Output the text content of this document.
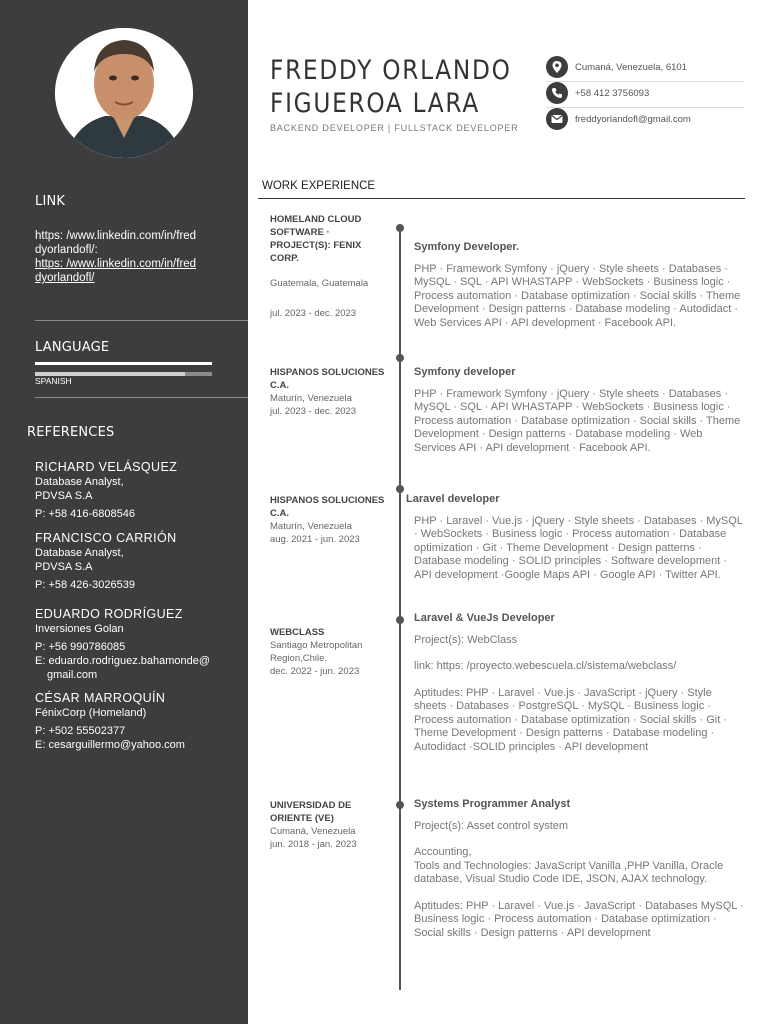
LINK
https: /www.linkedin.com/in/fred
dyorlandofl/:
https: /www.linkedin.com/in/fred
dyorlandofl/
LANGUAGE
SPANISH
REFERENCES
RICHARD VELÁSQUEZ
Database Analyst,
PDVSA S.A
P: +58 416-6808546
FRANCISCO CARRIÓN
Database Analyst,
PDVSA S.A
P: +58 426-3026539
EDUARDO RODRÍGUEZ
Inversiones Golan
P: +56 990786085
E: eduardo.rodriguez.bahamonde@
gmail.com
CÉSAR MARROQUÍN
FénixCorp (Homeland)
P: +502 55502377
E: cesarguillermo@yahoo.com
FREDDY ORLANDO
FIGUEROA LARA
BACKEND DEVELOPER | FULLSTACK DEVELOPER
Cumaná, Venezuela, 6101
+58 412 3756093
freddyorlandofl@gmail.com
WORK EXPERIENCE
HOMELAND CLOUD SOFTWARE · PROJECT(S): FENIX CORP.
Guatemala, Guatemala
jul. 2023 - dec. 2023
Symfony Developer.
PHP · Framework Symfony · jQuery · Style sheets · Databases · MySQL · SQL · API WHASTAPP · WebSockets · Business logic · Process automation · Database optimization · Social skills · Theme Development · Design patterns · Database modeling · Autodidact · Web Services API · API development · Facebook API.
HISPANOS SOLUCIONES C.A.
Maturín, Venezuela
jul. 2023 - dec. 2023
Symfony developer
PHP · Framework Symfony · jQuery · Style sheets · Databases · MySQL · SQL · API WHASTAPP · WebSockets · Business logic · Process automation · Database optimization · Social skills · Theme Development · Design patterns · Database modeling · Web Services API · API development · Facebook API.
HISPANOS SOLUCIONES C.A.
Maturín, Venezuela
aug. 2021 - jun. 2023
Laravel developer
PHP · Laravel · Vue.js · jQuery · Style sheets · Databases · MySQL · WebSockets · Business logic · Process automation · Database optimization · Git · Theme Development · Design patterns · Database modeling · SOLID principles · Software development · API development ·Google Maps API · Google API · Twitter API.
WEBCLASS
Santiago Metropolitan Region,Chile.
dec. 2022 - jun. 2023
Laravel & VueJs Developer
Project(s): WebClass
link: https: /proyecto.webescuela.cl/sistema/webclass/
Aptitudes: PHP · Laravel · Vue.js · JavaScript · jQuery · Style sheets · Databases · PostgreSQL · MySQL · Business logic · Process automation · Database optimization · Social skills · Git · Theme Development · Design patterns · Database modeling · Autodidact ·SOLID principles · API development
UNIVERSIDAD DE ORIENTE (VE)
Cumaná, Venezuela
jun. 2018 - jan. 2023
Systems Programmer Analyst
Project(s): Asset control system
Accounting,
Tools and Technologies: JavaScript Vanilla ,PHP Vanilla, Oracle database, Visual Studio Code IDE, JSON, AJAX technology.
Aptitudes: PHP · Laravel · Vue.js · JavaScript · Databases MySQL · Business logic · Process automation · Database optimization · Social skills · Design patterns · API development
